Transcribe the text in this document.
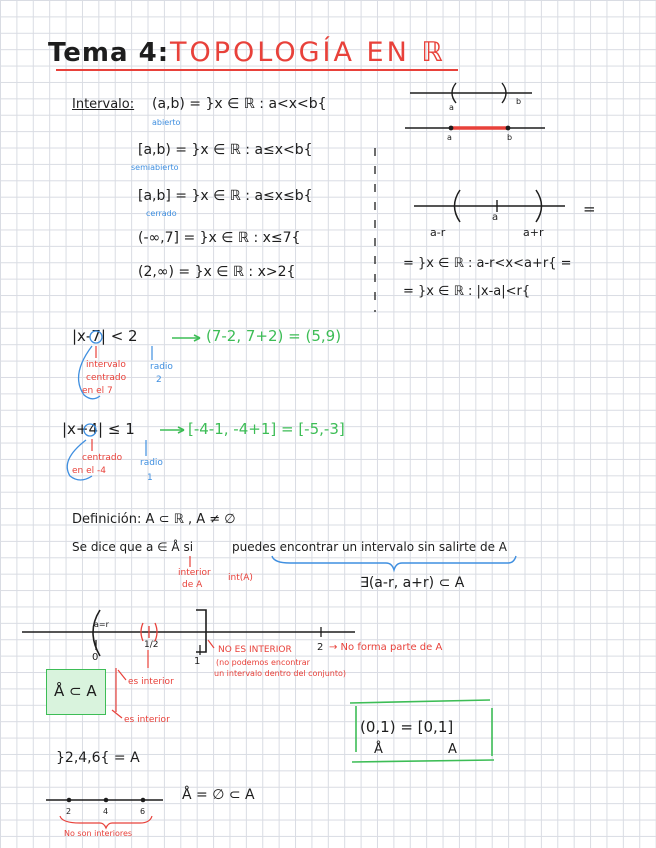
Tema 4: TOPOLOGÍA EN ℝ
Intervalo: (a,b) = }x ∈ ℝ : a<x<b{
abierto
[a,b) = }x ∈ ℝ : a≤x<b{
semiabierto
[a,b] = }x ∈ ℝ : a≤x≤b{
cerrado
(-∞,7] = }x ∈ ℝ : x≤7{
(2,∞) = }x ∈ ℝ : x>2{
a
b
a	b
a-r
a
a+r
=
= }x ∈ ℝ : a-r<x<a+r{ =
= }x ∈ ℝ : |x-a|<r{
|x-7| < 2	(7-2, 7+2) = (5,9)
intervalo
centrado
en el 7
radio
2
|x+4| ≤ 1	[-4-1, -4+1] = [-5,-3]
centrado
en el -4
radio
1
Definición: A ⊂ ℝ , A ≠ ∅
Se dice que a ∈ Å si	puedes encontrar un intervalo sin salirte de A
interior
de A
int(A)	∃(a-r, a+r) ⊂ A
a=r
0
1/2
1
2
NO ES INTERIOR
(no podemos encontrar
un intervalo dentro del conjunto)
→ No forma parte de A
es interior
es interior
Å ⊂ A
(0,1) = [0,1]
Å	A
}2,4,6{ = A
Å = ∅ ⊂ A
2	4	6
No son interiores
